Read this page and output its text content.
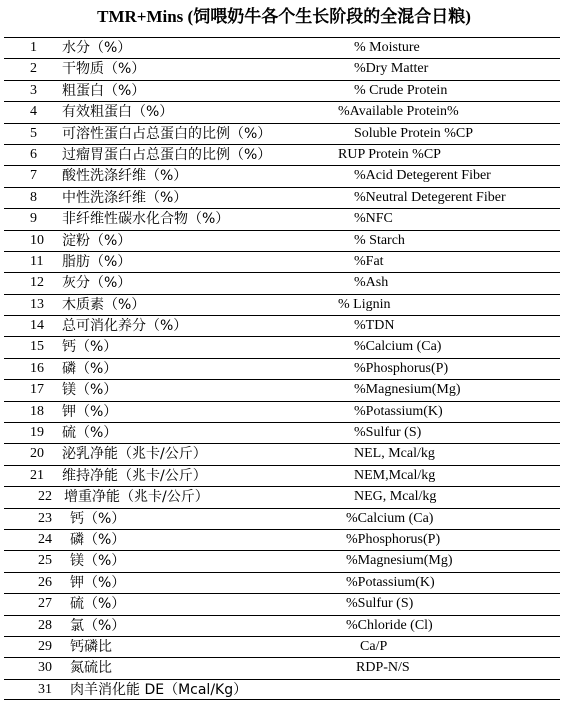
TMR+Mins (饲喂奶牛各个生长阶段的全混合日粮)
1 水分（%）	% Moisture
2 干物质（%）	%Dry Matter
3 粗蛋白（%）	% Crude Protein
4 有效粗蛋白（%）	%Available Protein%
5 可溶性蛋白占总蛋白的比例（%）	Soluble Protein %CP
6 过瘤胃蛋白占总蛋白的比例（%）	RUP Protein %CP
7 酸性洗涤纤维（%）	%Acid Detegerent Fiber
8 中性洗涤纤维（%）	%Neutral Detegerent Fiber
9 非纤维性碳水化合物（%）	%NFC
10 淀粉（%）	% Starch
11 脂肪（%）	%Fat
12 灰分（%）	%Ash
13 木质素（%）	% Lignin
14 总可消化养分（%）	%TDN
15 钙（%）	%Calcium (Ca)
16 磷（%）	%Phosphorus(P)
17 镁（%）	%Magnesium(Mg)
18 钾（%）	%Potassium(K)
19 硫（%）	%Sulfur (S)
20 泌乳净能（兆卡/公斤）	NEL, Mcal/kg
21 维持净能（兆卡/公斤）	NEM,Mcal/kg
22 增重净能（兆卡/公斤）	NEG, Mcal/kg
23 钙（%）	%Calcium (Ca)
24 磷（%）	%Phosphorus(P)
25 镁（%）	%Magnesium(Mg)
26 钾（%）	%Potassium(K)
27 硫（%）	%Sulfur (S)
28 氯（%）	%Chloride (Cl)
29 钙磷比	Ca/P
30 氮硫比	RDP-N/S
31 肉羊消化能 DE（Mcal/Kg）
